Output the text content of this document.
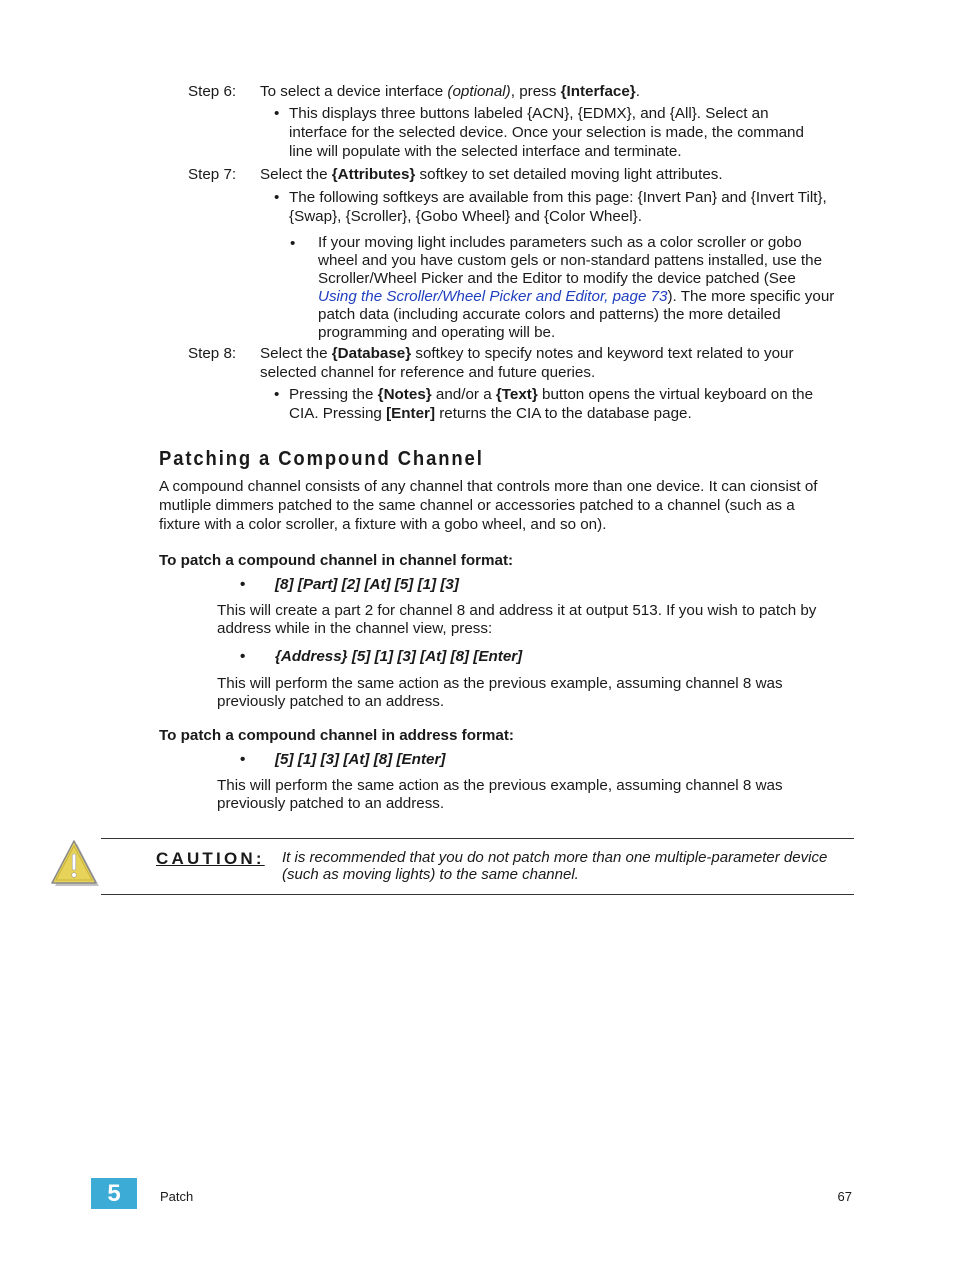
Step 6: To select a device interface (optional), press {Interface}.
• This displays three buttons labeled {ACN}, {EDMX}, and {All}. Select an
interface for the selected device. Once your selection is made, the command
line will populate with the selected interface and terminate.
Step 7: Select the {Attributes} softkey to set detailed moving light attributes.
• The following softkeys are available from this page: {Invert Pan} and {Invert Tilt},
{Swap}, {Scroller}, {Gobo Wheel} and {Color Wheel}.
• If your moving light includes parameters such as a color scroller or gobo
wheel and you have custom gels or non-standard pattens installed, use the
Scroller/Wheel Picker and the Editor to modify the device patched (See
Using the Scroller/Wheel Picker and Editor, page 73). The more specific your
patch data (including accurate colors and patterns) the more detailed
programming and operating will be.
Step 8: Select the {Database} softkey to specify notes and keyword text related to your
selected channel for reference and future queries.
• Pressing the {Notes} and/or a {Text} button opens the virtual keyboard on the
CIA. Pressing [Enter] returns the CIA to the database page.
Patching a Compound Channel
A compound channel consists of any channel that controls more than one device. It can cionsist of
mutliple dimmers patched to the same channel or accessories patched to a channel (such as a
fixture with a color scroller, a fixture with a gobo wheel, and so on).
To patch a compound channel in channel format:
• [8] [Part] [2] [At] [5] [1] [3]
This will create a part 2 for channel 8 and address it at output 513. If you wish to patch by
address while in the channel view, press:
• {Address} [5] [1] [3] [At] [8] [Enter]
This will perform the same action as the previous example, assuming channel 8 was
previously patched to an address.
To patch a compound channel in address format:
• [5] [1] [3] [At] [8] [Enter]
This will perform the same action as the previous example, assuming channel 8 was
previously patched to an address.
CAUTION: It is recommended that you do not patch more than one multiple-parameter device
(such as moving lights) to the same channel.
5	Patch	67
